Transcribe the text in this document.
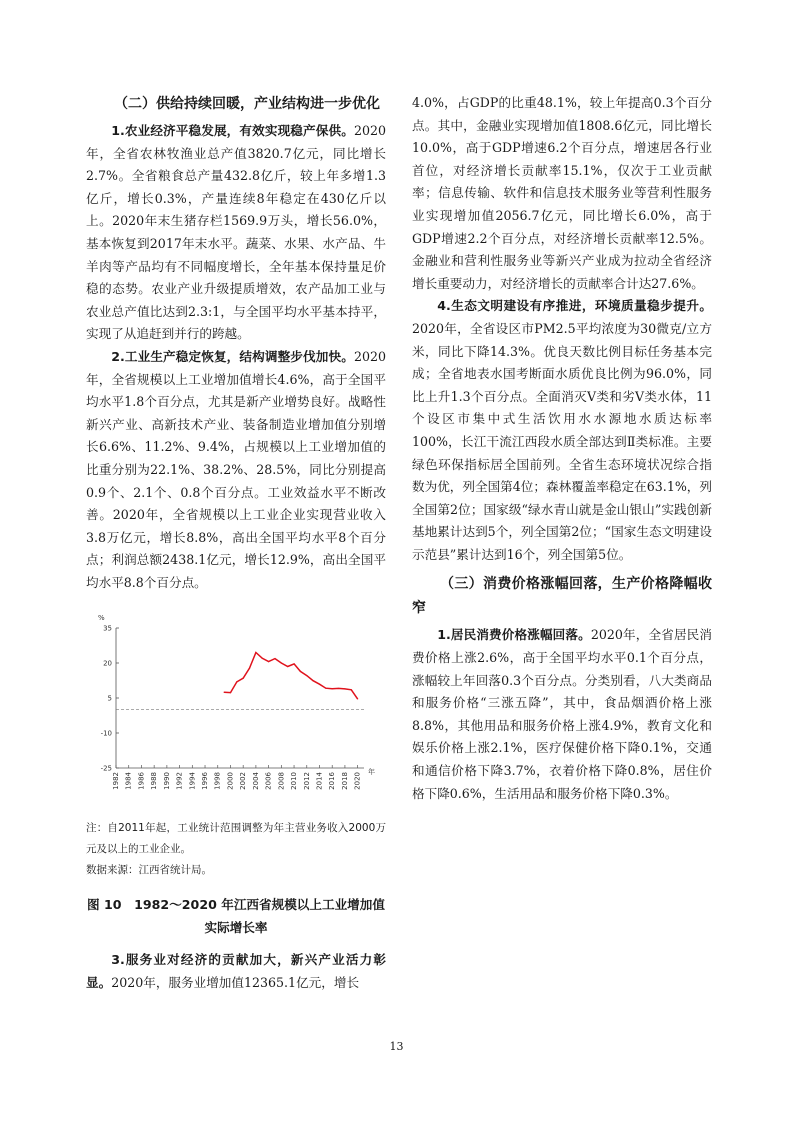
（二）供给持续回暖，产业结构进一步优化

1.农业经济平稳发展，有效实现稳产保供。2020年，全省农林牧渔业总产值3820.7亿元，同比增长2.7%。全省粮食总产量432.8亿斤，较上年多增1.3亿斤，增长0.3%，产量连续8年稳定在430亿斤以上。2020年末生猪存栏1569.9万头，增长56.0%，基本恢复到2017年末水平。蔬菜、水果、水产品、牛羊肉等产品均有不同幅度增长，全年基本保持量足价稳的态势。农业产业升级提质增效，农产品加工业与农业总产值比达到2.3:1，与全国平均水平基本持平，实现了从追赶到并行的跨越。

2.工业生产稳定恢复，结构调整步伐加快。2020年，全省规模以上工业增加值增长4.6%，高于全国平均水平1.8个百分点，尤其是新产业增势良好。战略性新兴产业、高新技术产业、装备制造业增加值分别增长6.6%、11.2%、9.4%，占规模以上工业增加值的比重分别为22.1%、38.2%、28.5%，同比分别提高0.9个、2.1个、0.8个百分点。工业效益水平不断改善。2020年，全省规模以上工业企业实现营业收入3.8万亿元，增长8.8%，高出全国平均水平8个百分点；利润总额2438.1亿元，增长12.9%，高出全国平均水平8.8个百分点。

%
35
20
5
-10
-25
1982 1984 1986 1988 1990 1992 1994 1996 1998 2000 2002 2004 2006 2008 2010 2012 2014 2016 2018 2020 年

注：自2011年起，工业统计范围调整为年主营业务收入2000万元及以上的工业企业。

数据来源：江西省统计局。

图 10　1982～2020 年江西省规模以上工业增加值实际增长率

3.服务业对经济的贡献加大，新兴产业活力彰显。2020年，服务业增加值12365.1亿元，增长

4.0%，占GDP的比重48.1%，较上年提高0.3个百分点。其中，金融业实现增加值1808.6亿元，同比增长10.0%，高于GDP增速6.2个百分点，增速居各行业首位，对经济增长贡献率15.1%，仅次于工业贡献率；信息传输、软件和信息技术服务业等营利性服务业实现增加值2056.7亿元，同比增长6.0%，高于GDP增速2.2个百分点，对经济增长贡献率12.5%。金融业和营利性服务业等新兴产业成为拉动全省经济增长重要动力，对经济增长的贡献率合计达27.6%。

4.生态文明建设有序推进，环境质量稳步提升。2020年，全省设区市PM2.5平均浓度为30微克/立方米，同比下降14.3%。优良天数比例目标任务基本完成；全省地表水国考断面水质优良比例为96.0%，同比上升1.3个百分点。全面消灭Ⅴ类和劣Ⅴ类水体，11个设区市集中式生活饮用水水源地水质达标率100%，长江干流江西段水质全部达到Ⅱ类标准。主要绿色环保指标居全国前列。全省生态环境状况综合指数为优，列全国第4位；森林覆盖率稳定在63.1%，列全国第2位；国家级“绿水青山就是金山银山”实践创新基地累计达到5个，列全国第2位；“国家生态文明建设示范县”累计达到16个，列全国第5位。

（三）消费价格涨幅回落，生产价格降幅收窄

1.居民消费价格涨幅回落。2020年，全省居民消费价格上涨2.6%，高于全国平均水平0.1个百分点，涨幅较上年回落0.3个百分点。分类别看，八大类商品和服务价格“三涨五降”，其中，食品烟酒价格上涨8.8%，其他用品和服务价格上涨4.9%，教育文化和娱乐价格上涨2.1%，医疗保健价格下降0.1%，交通和通信价格下降3.7%，衣着价格下降0.8%，居住价格下降0.6%，生活用品和服务价格下降0.3%。

13
